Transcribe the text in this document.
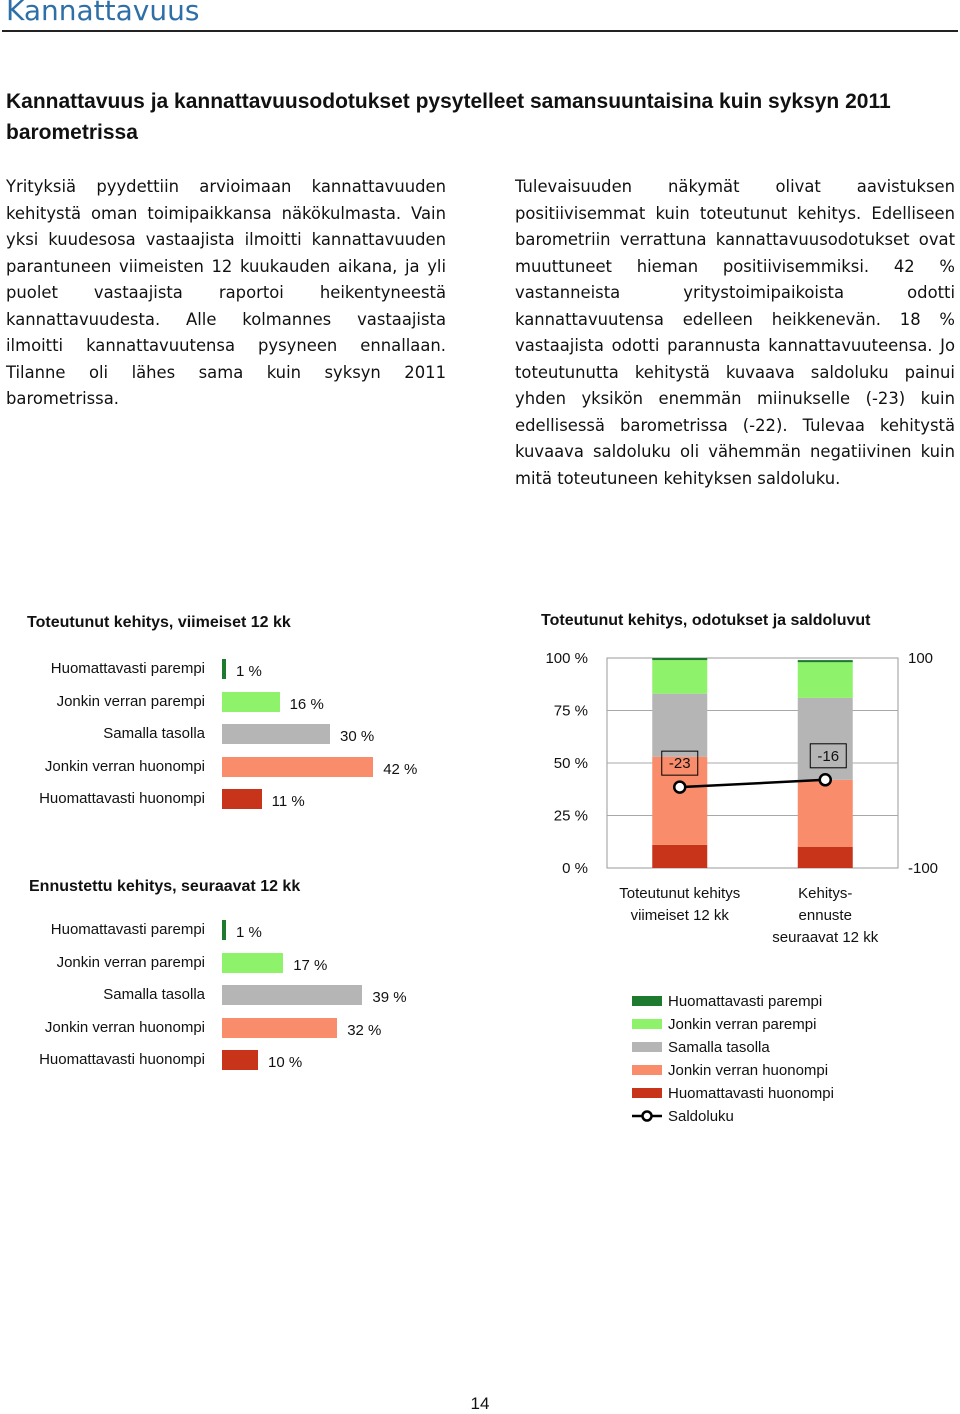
Kannattavuus
Kannattavuus ja kannattavuusodotukset pysytelleet samansuuntaisina kuin syksyn 2011 barometrissa

Yrityksiä pyydettiin arvioimaan kannattavuuden kehitystä oman toimipaikkansa näkökulmasta. Vain yksi kuudesosa vastaajista ilmoitti kannattavuuden parantuneen viimeisten 12 kuukauden aikana, ja yli puolet vastaajista raportoi heikentyneestä kannattavuudesta. Alle kolmannes vastaajista ilmoitti kannattavuutensa pysyneen ennallaan. Tilanne oli lähes sama kuin syksyn 2011 barometrissa.

Tulevaisuuden näkymät olivat aavistuksen positiivisemmat kuin toteutunut kehitys. Edelliseen barometriin verrattuna kannattavuusodotukset ovat muuttuneet hieman positiivisemmiksi. 42 % vastanneista yritystoimipaikoista odotti kannattavuutensa edelleen heikkenevän. 18 % vastaajista odotti parannusta kannattavuuteensa. Jo toteutunutta kehitystä kuvaava saldoluku painui yhden yksikön enemmän miinukselle (-23) kuin edellisessä barometrissa (-22). Tulevaa kehitystä kuvaava saldoluku oli vähemmän negatiivinen kuin mitä toteutuneen kehityksen saldoluku.

Toteutunut kehitys, viimeiset 12 kk
Huomattavasti parempi 1 %
Jonkin verran parempi	16 %
Samalla tasolla	30 %
Jonkin verran huonompi	42 %
Huomattavasti huonompi	11 %
Ennustettu kehitys, seuraavat 12 kk
Huomattavasti parempi 1 %
Jonkin verran parempi	17 %
Samalla tasolla	39 %
Jonkin verran huonompi	32 %
Huomattavasti huonompi	10 %
Toteutunut kehitys, odotukset ja saldoluvut
0 %
25 %
50 %
75 %
100 %
-100
100
Toteutunut kehitys
viimeiset 12 kk
Kehitys-
ennuste
seuraavat 12 kk
-23	-16
Huomattavasti parempi
Jonkin verran parempi
Samalla tasolla
Jonkin verran huonompi
Huomattavasti huonompi
Saldoluku
14
